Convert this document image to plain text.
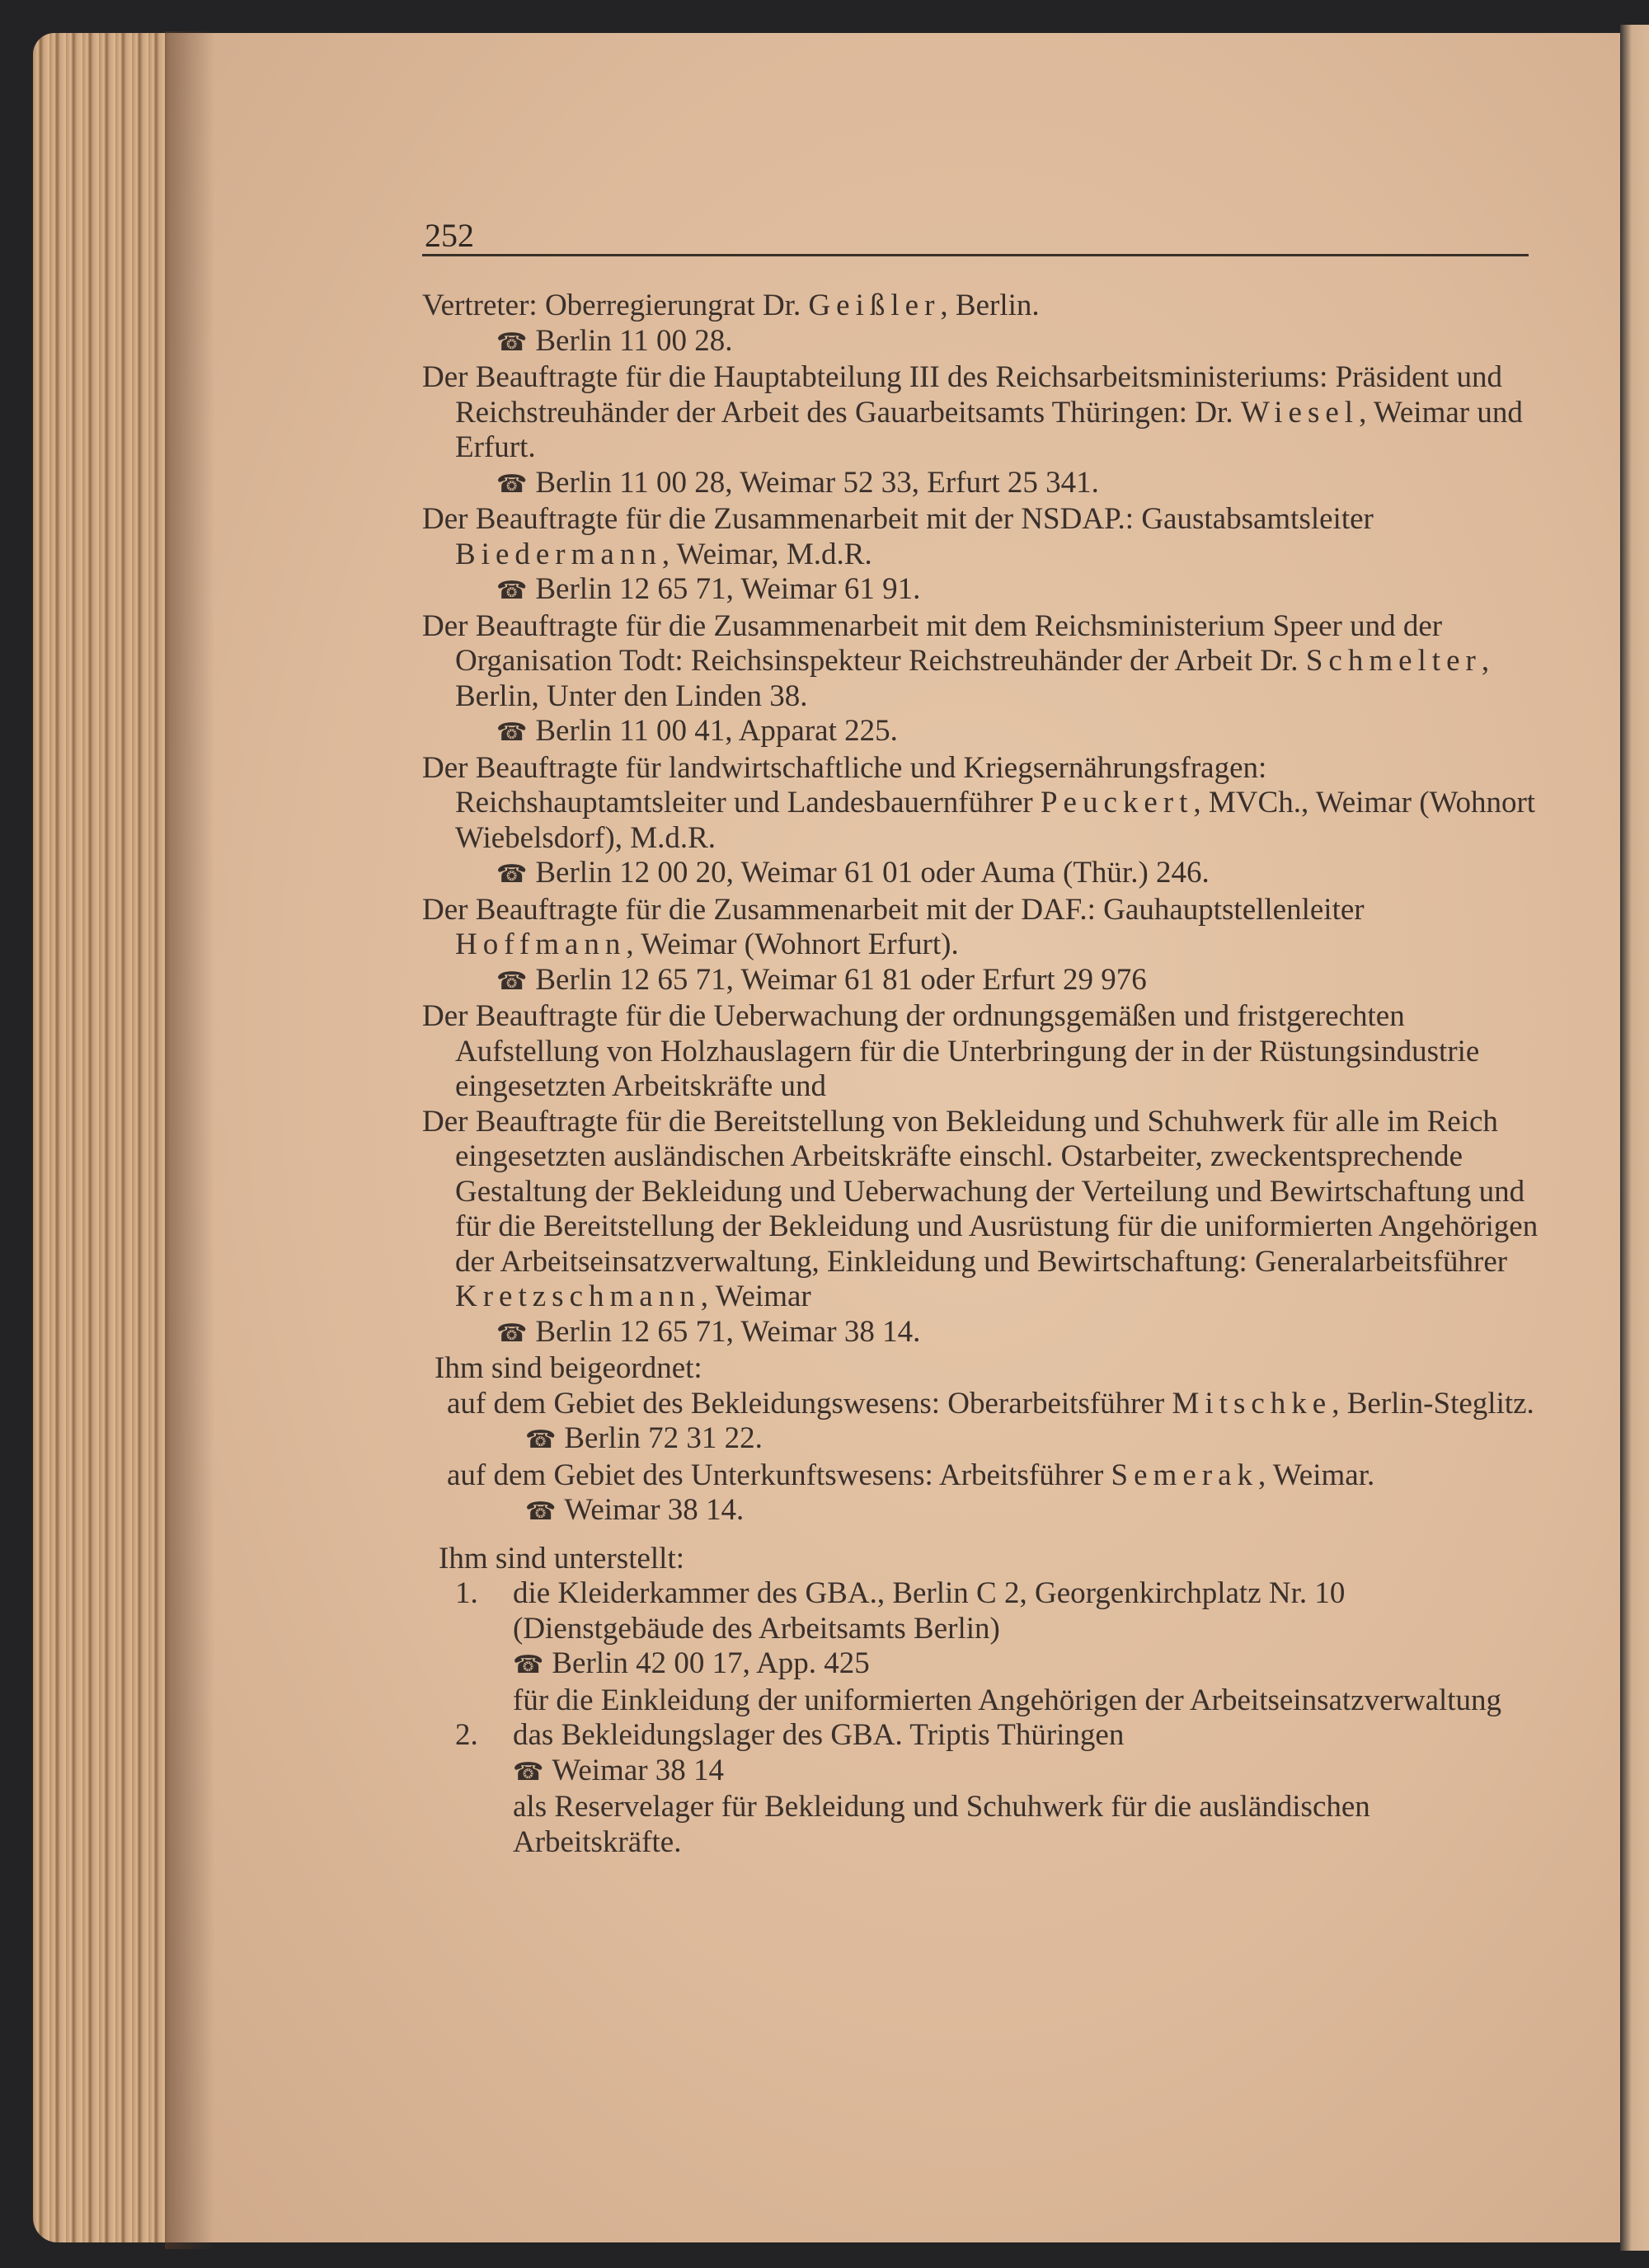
252

Vertreter: Oberregierungrat Dr. Geißler, Berlin.

☎ Berlin 11 00 28.

Der Beauftragte für die Hauptabteilung III des Reichsarbeitsministeriums: Präsident und Reichstreuhänder der Arbeit des Gauarbeitsamts Thüringen: Dr. Wiesel, Weimar und Erfurt.

☎ Berlin 11 00 28, Weimar 52 33, Erfurt 25 341.

Der Beauftragte für die Zusammenarbeit mit der NSDAP.: Gaustabsamtsleiter Biedermann, Weimar, M.d.R.

☎ Berlin 12 65 71, Weimar 61 91.

Der Beauftragte für die Zusammenarbeit mit dem Reichsministerium Speer und der Organisation Todt: Reichsinspekteur Reichstreuhänder der Arbeit Dr. Schmelter, Berlin, Unter den Linden 38.

☎ Berlin 11 00 41, Apparat 225.

Der Beauftragte für landwirtschaftliche und Kriegsernährungsfragen: Reichshauptamtsleiter und Landesbauernführer Peuckert, MVCh., Weimar (Wohnort Wiebelsdorf), M.d.R.

☎ Berlin 12 00 20, Weimar 61 01 oder Auma (Thür.) 246.

Der Beauftragte für die Zusammenarbeit mit der DAF.: Gauhauptstellenleiter Hoffmann, Weimar (Wohnort Erfurt).

☎ Berlin 12 65 71, Weimar 61 81 oder Erfurt 29 976

Der Beauftragte für die Ueberwachung der ordnungsgemäßen und fristgerechten Aufstellung von Holzhauslagern für die Unterbringung der in der Rüstungsindustrie eingesetzten Arbeitskräfte und

Der Beauftragte für die Bereitstellung von Bekleidung und Schuhwerk für alle im Reich eingesetzten ausländischen Arbeitskräfte einschl. Ostarbeiter, zweckentsprechende Gestaltung der Bekleidung und Ueberwachung der Verteilung und Bewirtschaftung und für die Bereitstellung der Bekleidung und Ausrüstung für die uniformierten Angehörigen der Arbeitseinsatzverwaltung, Einkleidung und Bewirtschaftung: Generalarbeitsführer Kretzschmann, Weimar

☎ Berlin 12 65 71, Weimar 38 14.

Ihm sind beigeordnet:

auf dem Gebiet des Bekleidungswesens: Oberarbeitsführer Mitschke, Berlin-Steglitz.

☎ Berlin 72 31 22.

auf dem Gebiet des Unterkunftswesens: Arbeitsführer Semerak, Weimar.

☎ Weimar 38 14.

Ihm sind unterstellt:

1. die Kleiderkammer des GBA., Berlin C 2, Georgenkirchplatz Nr. 10 (Dienstgebäude des Arbeitsamts Berlin)

☎ Berlin 42 00 17, App. 425

für die Einkleidung der uniformierten Angehörigen der Arbeitseinsatzverwaltung

2. das Bekleidungslager des GBA. Triptis Thüringen

☎ Weimar 38 14

als Reservelager für Bekleidung und Schuhwerk für die ausländischen Arbeitskräfte.
